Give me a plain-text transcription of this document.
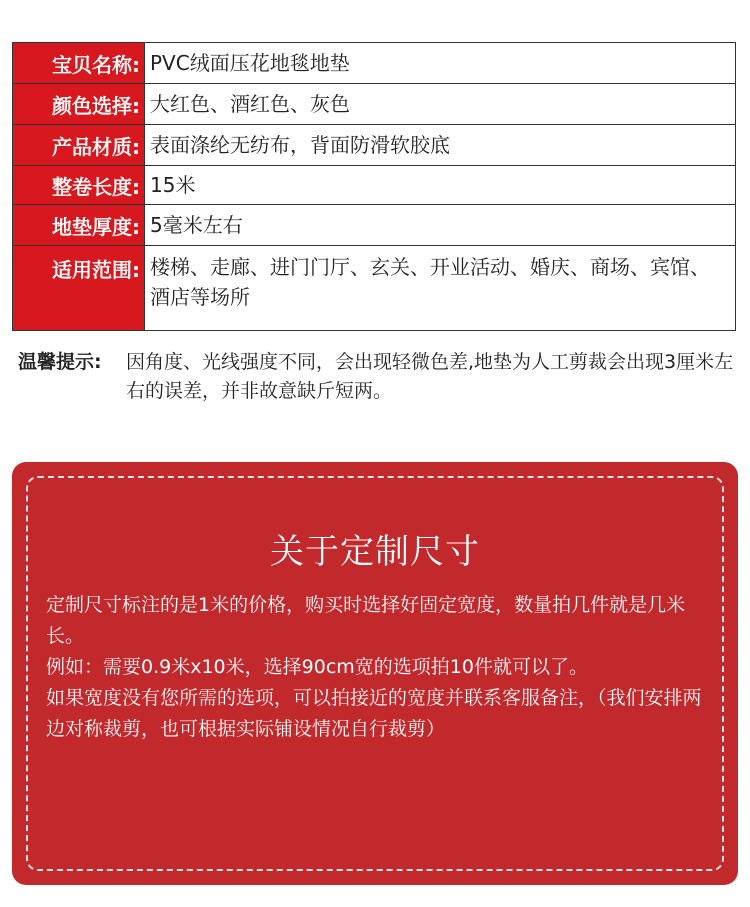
宝贝名称: PVC绒面压花地毯地垫
颜色选择: 大红色、酒红色、灰色
产品材质: 表面涤纶无纺布，背面防滑软胶底
整卷长度: 15米
地垫厚度: 5毫米左右
适用范围: 楼梯、走廊、进门门厅、玄关、开业活动、婚庆、商场、宾馆、酒店等场所
温馨提示:	因角度、光线强度不同，会出现轻微色差,地垫为人工剪裁会出现3厘米左右的误差，并非故意缺斤短两。
关于定制尺寸

定制尺寸标注的是1米的价格，购买时选择好固定宽度，数量拍几件就是几米长。

例如：需要0.9米x10米，选择90cm宽的选项拍10件就可以了。

如果宽度没有您所需的选项，可以拍接近的宽度并联系客服备注，（我们安排两边对称裁剪，也可根据实际铺设情况自行裁剪）
